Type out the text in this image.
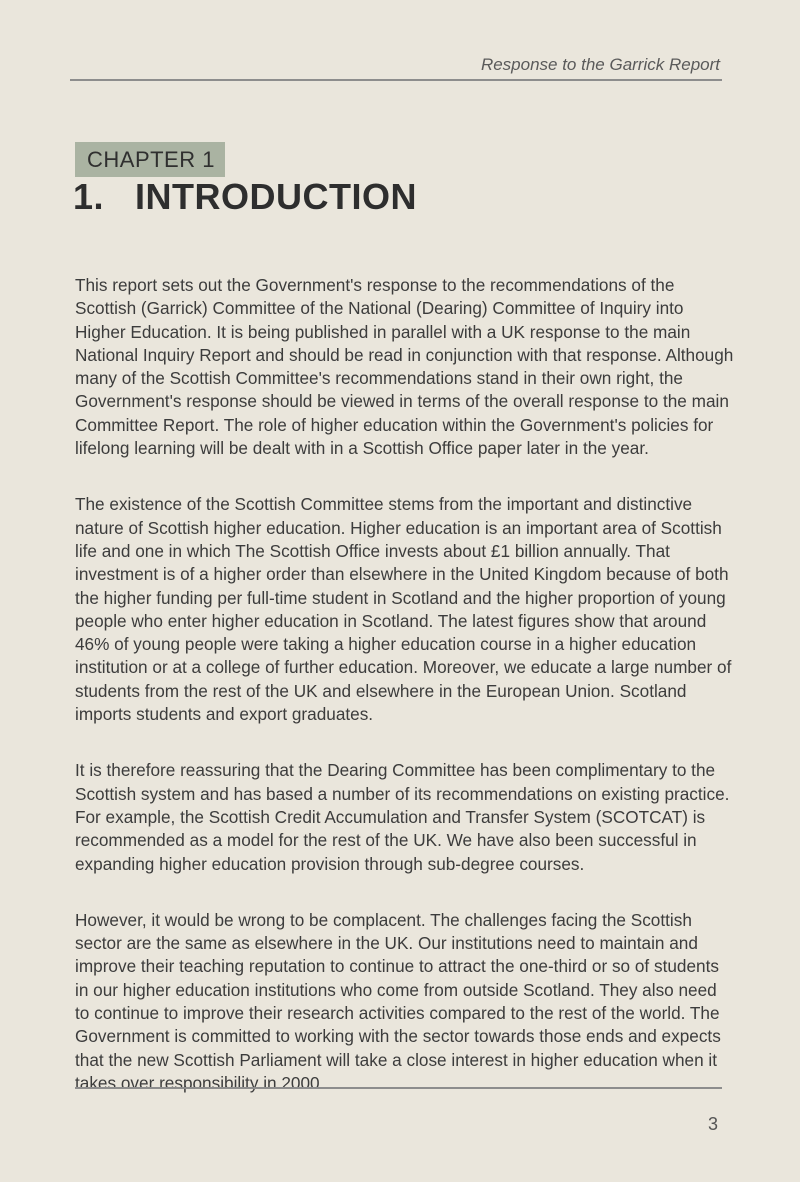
Response to the Garrick Report
CHAPTER 1
1. INTRODUCTION

This report sets out the Government's response to the recommendations of the Scottish (Garrick) Committee of the National (Dearing) Committee of Inquiry into Higher Education. It is being published in parallel with a UK response to the main National Inquiry Report and should be read in conjunction with that response. Although many of the Scottish Committee's recommendations stand in their own right, the Government's response should be viewed in terms of the overall response to the main Committee Report. The role of higher education within the Government's policies for lifelong learning will be dealt with in a Scottish Office paper later in the year.

The existence of the Scottish Committee stems from the important and distinctive nature of Scottish higher education. Higher education is an important area of Scottish life and one in which The Scottish Office invests about £1 billion annually. That investment is of a higher order than elsewhere in the United Kingdom because of both the higher funding per full-time student in Scotland and the higher proportion of young people who enter higher education in Scotland. The latest figures show that around 46% of young people were taking a higher education course in a higher education institution or at a college of further education. Moreover, we educate a large number of students from the rest of the UK and elsewhere in the European Union. Scotland imports students and export graduates.

It is therefore reassuring that the Dearing Committee has been complimentary to the Scottish system and has based a number of its recommendations on existing practice. For example, the Scottish Credit Accumulation and Transfer System (SCOTCAT) is recommended as a model for the rest of the UK. We have also been successful in expanding higher education provision through sub-degree courses.

However, it would be wrong to be complacent. The challenges facing the Scottish sector are the same as elsewhere in the UK. Our institutions need to maintain and improve their teaching reputation to continue to attract the one-third or so of students in our higher education institutions who come from outside Scotland. They also need to continue to improve their research activities compared to the rest of the world. The Government is committed to working with the sector towards those ends and expects that the new Scottish Parliament will take a close interest in higher education when it takes over responsibility in 2000.

3
